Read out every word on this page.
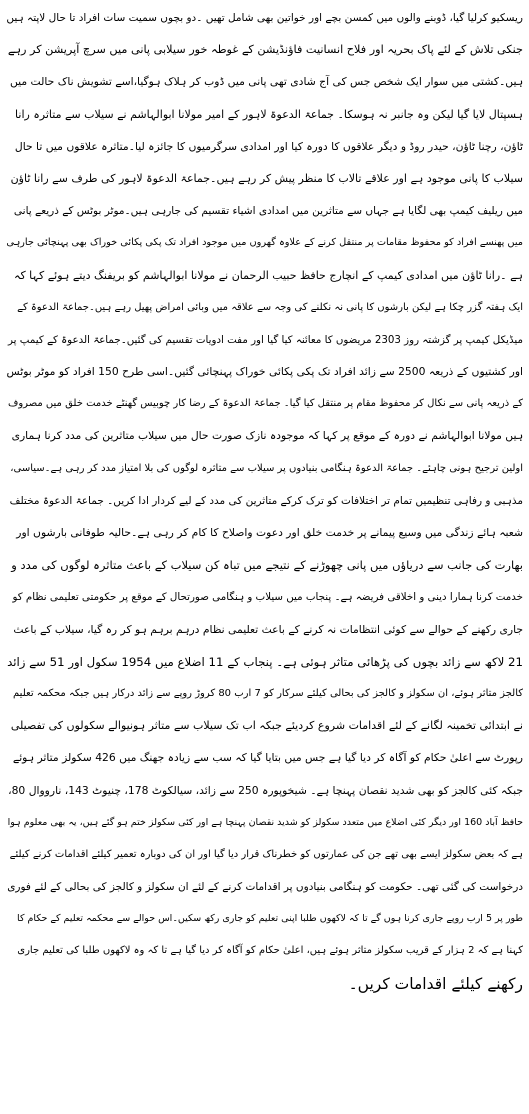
ریسکیو کرلیا گیا، ڈوبنے والوں میں کمسن بچے اور خواتین بھی شامل تھیں ۔دو بچوں سمیت سات افراد تا حال لاپتہ ہیں
جنکی تلاش کے لئے پاک بحریہ اور فلاح انسانیت فاؤنڈیشن کے غوطہ خور سیلابی پانی میں سرچ آپریشن کر رہے
ہیں۔کشتی میں سوار ایک شخص جس کی آج شادی تھی پانی میں ڈوب کر ہلاک ہوگیا،اسے تشویش ناک حالت میں
ہسپتال لایا گیا لیکن وہ جانبر نہ ہوسکا۔ جماعۃ الدعوۃ لاہور کے امیر مولانا ابوالہاشم نے سیلاب سے متاثرہ رانا
ٹاؤن، رچنا ٹاؤن، حیدر روڈ و دیگر علاقوں کا دورہ کیا اور امدادی سرگرمیوں کا جائزہ لیا۔متاثرہ علاقوں میں تا حال
سیلاب کا پانی موجود ہے اور علاقے تالاب کا منظر پیش کر رہے ہیں۔جماعۃ الدعوۃ لاہور کی طرف سے رانا ٹاؤن
میں ریلیف کیمپ بھی لگایا ہے جہاں سے متاثرین میں امدادی اشیاء تقسیم کی جارہی ہیں۔موٹر بوٹس کے ذریعے پانی
میں پھنسے افراد کو محفوظ مقامات پر منتقل کرنے کے علاوہ گھروں میں موجود افراد تک پکی پکائی خوراک بھی پہنچائی جارہی
ہے ۔رانا ٹاؤن میں امدادی کیمپ کے انچارج حافظ حبیب الرحمان نے مولانا ابوالہاشم کو بریفنگ دیتے ہوئے کہا کہ
ایک ہفتہ گزر چکا ہے لیکن بارشوں کا پانی نہ نکلنے کی وجہ سے علاقہ میں وبائی امراض پھیل رہے ہیں۔جماعۃ الدعوۃ کے
میڈیکل کیمپ پر گزشتہ روز 2303 مریضوں کا معائنہ کیا گیا اور مفت ادویات تقسیم کی گئیں۔جماعۃ الدعوۃ کے کیمپ پر
اور کشتیوں کے ذریعہ 2500 سے زائد افراد تک پکی پکائی خوراک پہنچائی گئیں۔اسی طرح 150 افراد کو موٹر بوٹس
کے ذریعہ پانی سے نکال کر محفوظ مقام پر منتقل کیا گیا۔ جماعۃ الدعوۃ کے رضا کار چوبیس گھنٹے خدمت خلق میں مصروف
ہیں مولانا ابوالہاشم نے دورہ کے موقع پر کہا کہ موجودہ نازک صورت حال میں سیلاب متاثرین کی مدد کرنا ہماری
اولین ترجیح ہونی چاہئے۔ جماعۃ الدعوۃ ہنگامی بنیادوں پر سیلاب سے متاثرہ لوگوں کی بلا امتیاز مدد کر رہی ہے۔سیاسی،
مذہبی و رفاہی تنظیمیں تمام تر اختلافات کو ترک کرکے متاثرین کی مدد کے لیے کردار ادا کریں۔ جماعۃ الدعوۃ مختلف
شعبہ ہائے زندگی میں وسیع پیمانے پر خدمت خلق اور دعوت واصلاح کا کام کر رہی ہے۔حالیہ طوفانی بارشوں اور
بھارت کی جانب سے دریاؤں میں پانی چھوڑنے کے نتیجے میں تباہ کن سیلاب کے باعث متاثرہ لوگوں کی مدد و
خدمت کرنا ہمارا دینی و اخلاقی فریضہ ہے۔ پنجاب میں سیلاب و ہنگامی صورتحال کے موقع پر حکومتی تعلیمی نظام کو
جاری رکھنے کے حوالے سے کوئی انتظامات نہ کرنے کے باعث تعلیمی نظام درہم برہم ہو کر رہ گیا، سیلاب کے باعث
21 لاکھ سے زائد بچوں کی پڑھائی متاثر ہوئی ہے۔ پنجاب کے 11 اضلاع میں 1954 سکول اور 51 سے زائد
کالجز متاثر ہوئے، ان سکولز و کالجز کی بحالی کیلئے سرکار کو 7 ارب 80 کروڑ روپے سے زائد درکار ہیں جبکہ محکمہ تعلیم
نے ابتدائی تخمینہ لگانے کے لئے اقدامات شروع کردیئے جبکہ اب تک سیلاب سے متاثر ہونیوالے سکولوں کی تفصیلی
رپورٹ سے اعلیٰ حکام کو آگاہ کر دیا گیا ہے جس میں بتایا گیا کہ سب سے زیادہ جھنگ میں 426 سکولز متاثر ہوئے
جبکہ کئی کالجز کو بھی شدید نقصان پہنچا ہے۔ شیخوپورہ 250 سے زائد، سیالکوٹ 178، چنیوٹ 143، نارووال 80،
حافظ آباد 160 اور دیگر کئی اضلاع میں متعدد سکولز کو شدید نقصان پہنچا ہے اور کئی سکولز ختم ہو گئے ہیں، یہ بھی معلوم ہوا
ہے کہ بعض سکولز ایسے بھی تھے جن کی عمارتوں کو خطرناک قرار دیا گیا اور ان کی دوبارہ تعمیر کیلئے اقدامات کرنے کیلئے
درخواست کی گئی تھی۔ حکومت کو ہنگامی بنیادوں پر اقدامات کرنے کے لئے ان سکولز و کالجز کی بحالی کے لئے فوری
طور پر 5 ارب روپے جاری کرنا ہوں گے تا کہ لاکھوں طلبا اپنی تعلیم کو جاری رکھ سکیں۔اس حوالے سے محکمہ تعلیم کے حکام کا
کہنا ہے کہ 2 ہزار کے قریب سکولز متاثر ہوئے ہیں، اعلیٰ حکام کو آگاہ کر دیا گیا ہے تا کہ وہ لاکھوں طلبا کی تعلیم جاری
رکھنے کیلئے اقدامات کریں۔
